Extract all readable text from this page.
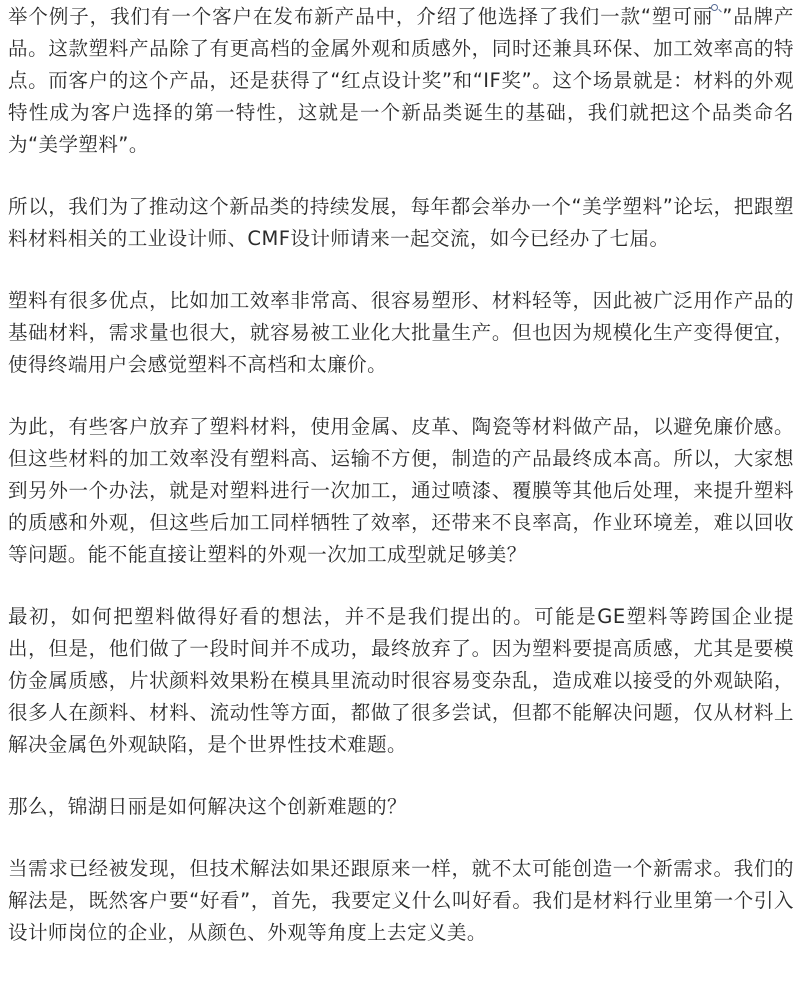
举个例子，我们有一个客户在发布新产品中，介绍了他选择了我们一款“塑可丽 ”品牌产品。这款塑料产品除了有更高档的金属外观和质感外，同时还兼具环保、加工效率高的特点。而客户的这个产品，还是获得了“红点设计奖”和“IF奖”。这个场景就是：材料的外观特性成为客户选择的第一特性，这就是一个新品类诞生的基础，我们就把这个品类命名为“美学塑料”。

所以，我们为了推动这个新品类的持续发展，每年都会举办一个“美学塑料”论坛，把跟塑料材料相关的工业设计师、CMF设计师请来一起交流，如今已经办了七届。

塑料有很多优点，比如加工效率非常高、很容易塑形、材料轻等，因此被广泛用作产品的基础材料，需求量也很大，就容易被工业化大批量生产。但也因为规模化生产变得便宜，使得终端用户会感觉塑料不高档和太廉价。

为此，有些客户放弃了塑料材料，使用金属、皮革、陶瓷等材料做产品，以避免廉价感。但这些材料的加工效率没有塑料高、运输不方便，制造的产品最终成本高。所以，大家想到另外一个办法，就是对塑料进行一次加工，通过喷漆、覆膜等其他后处理，来提升塑料的质感和外观，但这些后加工同样牺牲了效率，还带来不良率高，作业环境差，难以回收等问题。能不能直接让塑料的外观一次加工成型就足够美？

最初，如何把塑料做得好看的想法，并不是我们提出的。可能是GE塑料等跨国企业提出，但是，他们做了一段时间并不成功，最终放弃了。因为塑料要提高质感，尤其是要模仿金属质感，片状颜料效果粉在模具里流动时很容易变杂乱，造成难以接受的外观缺陷，很多人在颜料、材料、流动性等方面，都做了很多尝试，但都不能解决问题，仅从材料上解决金属色外观缺陷，是个世界性技术难题。

那么，锦湖日丽是如何解决这个创新难题的？

当需求已经被发现，但技术解法如果还跟原来一样，就不太可能创造一个新需求。我们的解法是，既然客户要“好看”，首先，我要定义什么叫好看。我们是材料行业里第一个引入设计师岗位的企业，从颜色、外观等角度上去定义美。
